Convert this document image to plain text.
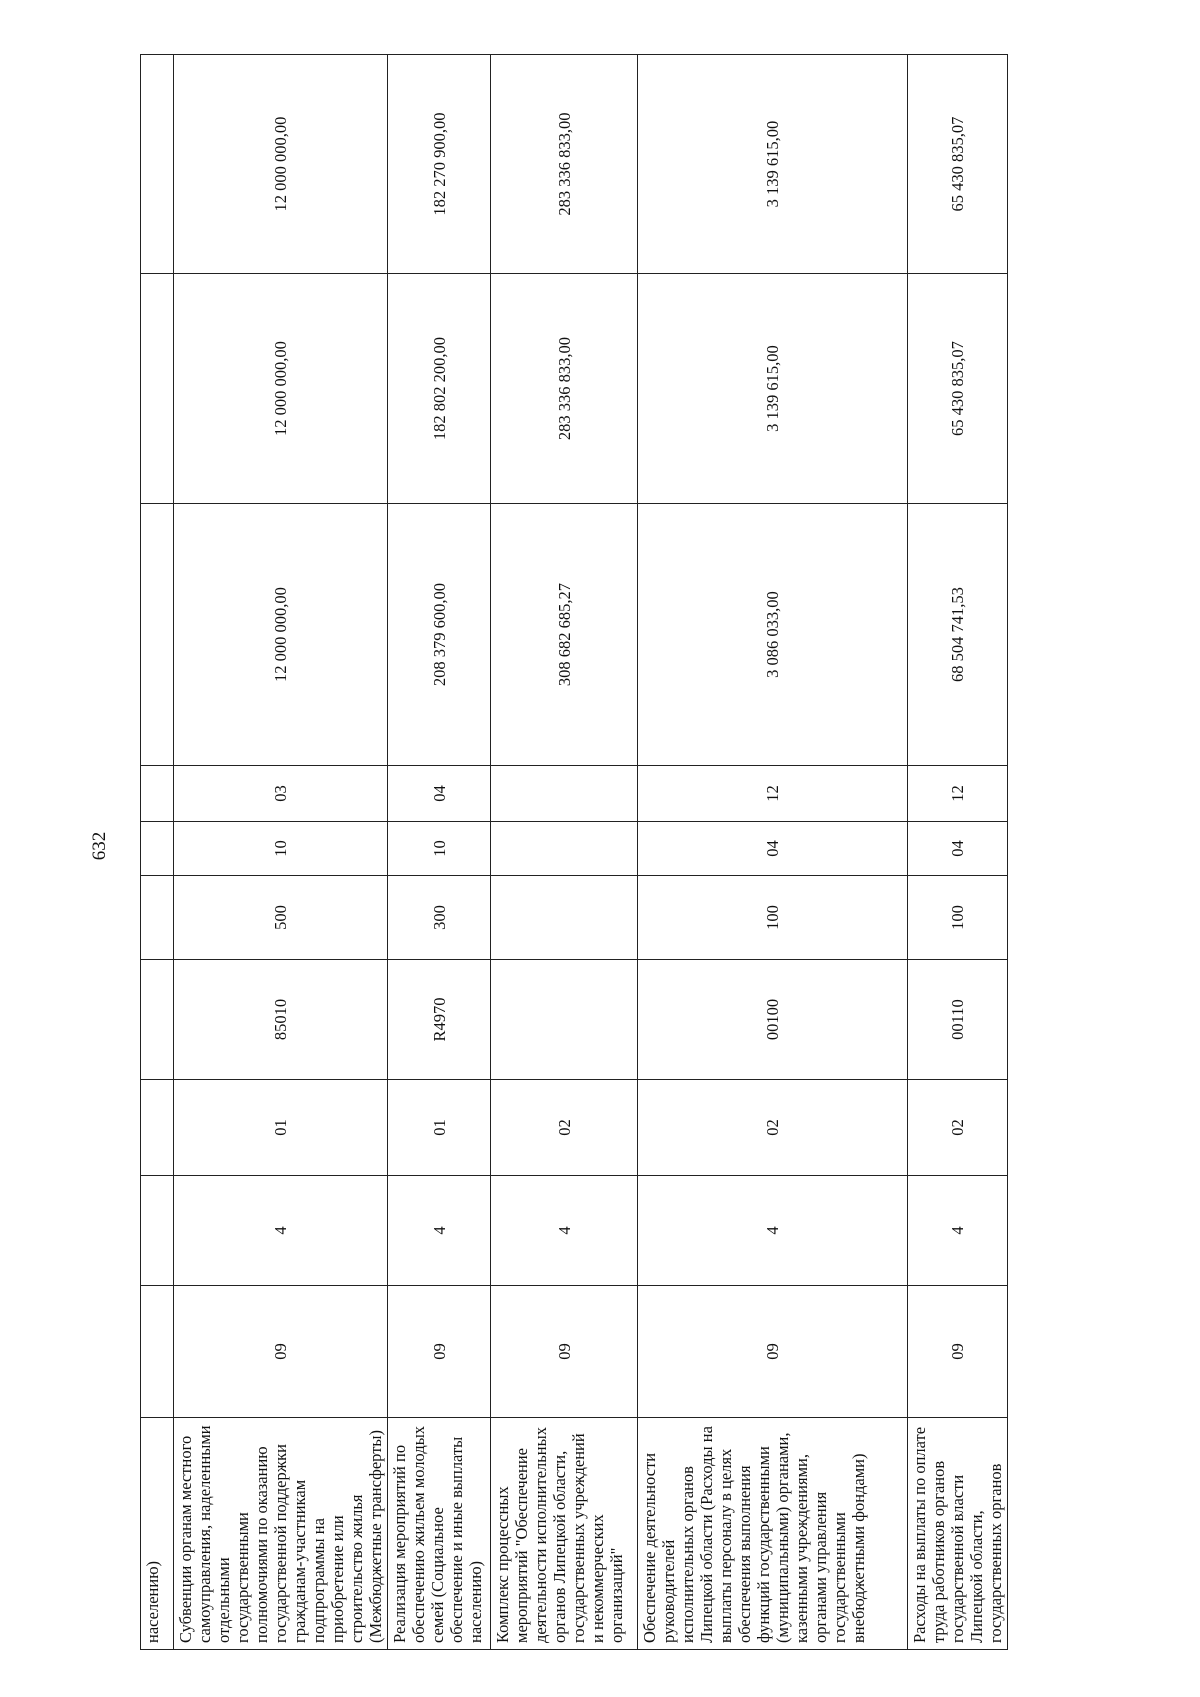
632
населению)										
Субвенции органам местного самоуправления, наделенными отдельными государственными полномочиями по оказанию государственной поддержки гражданам-участникам подпрограммы на приобретение или строительство жилья (Межбюджетные трансферты)	09	4	01	85010	500	10	03	12 000 000,00	12 000 000,00	12 000 000,00
Реализация мероприятий по обеспечению жильем молодых семей (Социальное обеспечение и иные выплаты населению)	09	4	01	R4970	300	10	04	208 379 600,00	182 802 200,00	182 270 900,00
Комплекс процессных мероприятий "Обеспечение деятельности исполнительных органов Липецкой области, государственных учреждений и некоммерческих организаций"	09	4	02					308 682 685,27	283 336 833,00	283 336 833,00
Обеспечение деятельности руководителей исполнительных органов Липецкой области (Расходы на выплаты персоналу в целях обеспечения выполнения функций государственными (муниципальными) органами, казенными учреждениями, органами управления государственными внебюджетными фондами)	09	4	02	00100	100	04	12	3 086 033,00	3 139 615,00	3 139 615,00
Расходы на выплаты по оплате труда работников органов государственной власти Липецкой области, государственных органов	09	4	02	00110	100	04	12	68 504 741,53	65 430 835,07	65 430 835,07
